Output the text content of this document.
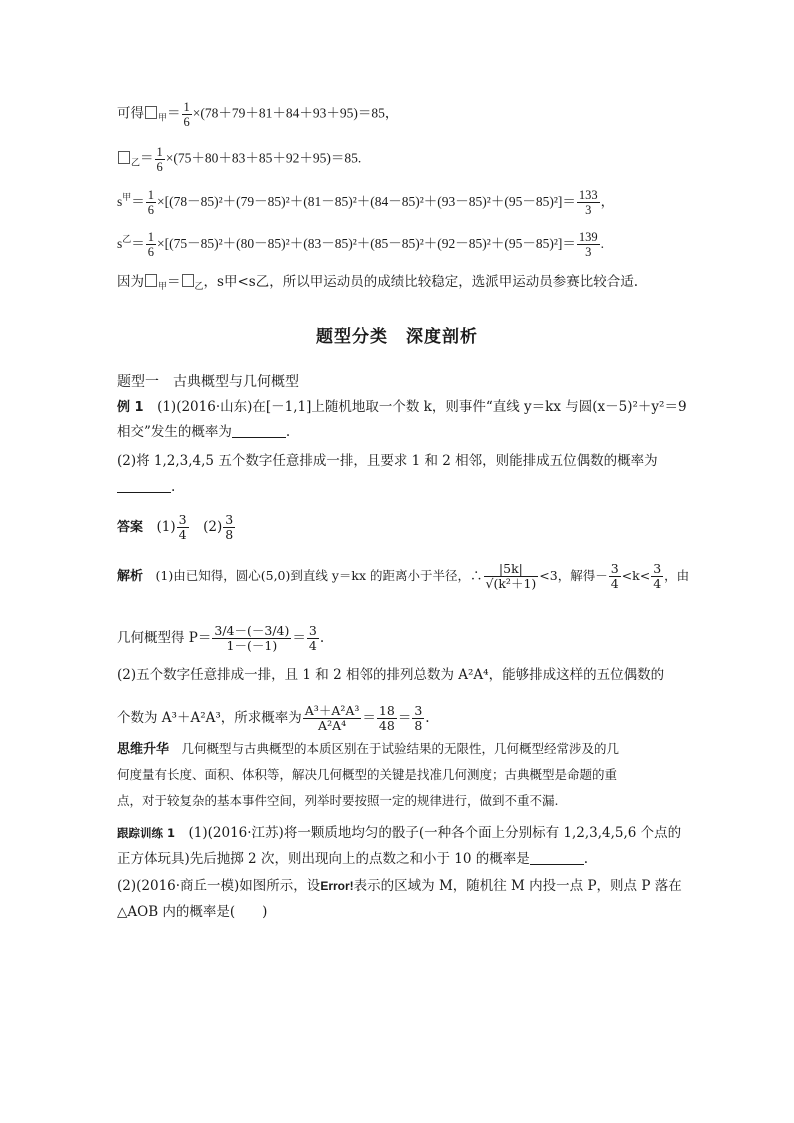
可得 $_甲= \frac{1}{6} \times(78+79+81+84+93+95)=85$，
$_乙= \frac{1}{6} \times(75+80+83+85+92+95)=85$.
$s^甲= \frac{1}{6} \times[(78-85)^2+(79-85)^2+(81-85)^2+(84-85)^2+(93-85)^2+(95-85)^2]= \frac{133}{3}$ ，
$s^乙= \frac{1}{6} \times[(75-85)^2+(80-85)^2+(83-85)^2+(85-85)^2+(92-85)^2+(95-85)^2]= \frac{139}{3}$ .
因为 $_甲$＝ $_乙$，s甲<s乙，所以甲运动员的成绩比较稳定，选派甲运动员参赛比较合适.
题型分类　深度剖析
题型一　古典概型与几何概型
例 1　 (1)(2016·山东)在[－1,1]上随机地取一个数 k，则事件“直线 y＝kx 与圆(x－5)²＋y²＝9
相交”发生的概率为	.
(2)将 1,2,3,4,5 五个数字任意排成一排，且要求 1 和 2 相邻，则能排成五位偶数的概率为
.
答案　 $(1) \frac{3}{4}$
　 $(2) \frac{3}{8}$
解析　 (1)由已知得，圆心(5,0)到直线 y＝kx 的距离小于半径，∴ $\frac{|5k|}{\text{√(k²＋1)}} <3$，解得－ $\frac{3}{4} <k< \frac{3}{4}$ ，由
几何概型得 $P= \frac{3/4-(-3/4)}{1-(-1)} = \frac{3}{4}$ .
(2)五个数字任意排成一排，且 1 和 2 相邻的排列总数为 A²A⁴，能够排成这样的五位偶数的
个数为 A³＋A²A³，所求概率为 $\frac{\text{A³＋A²A³}}{\text{A²A⁴}} = \frac{18}{48} = \frac{3}{8}$ .
思维升华　几何概型与古典概型的本质区别在于试验结果的无限性，几何概型经常涉及的几
何度量有长度、面积、体积等，解决几何概型的关键是找准几何测度；古典概型是命题的重
点，对于较复杂的基本事件空间，列举时要按照一定的规律进行，做到不重不漏.
跟踪训练 1　(1)(2016·江苏)将一颗质地均匀的骰子(一种各个面上分别标有 1,2,3,4,5,6 个点的
正方体玩具)先后抛掷 2 次，则出现向上的点数之和小于 10 的概率是	.
(2)(2016·商丘一模)如图所示，设Error!表示的区域为 M，随机往 M 内投一点 P，则点 P 落在
△AOB 内的概率是(　　)
